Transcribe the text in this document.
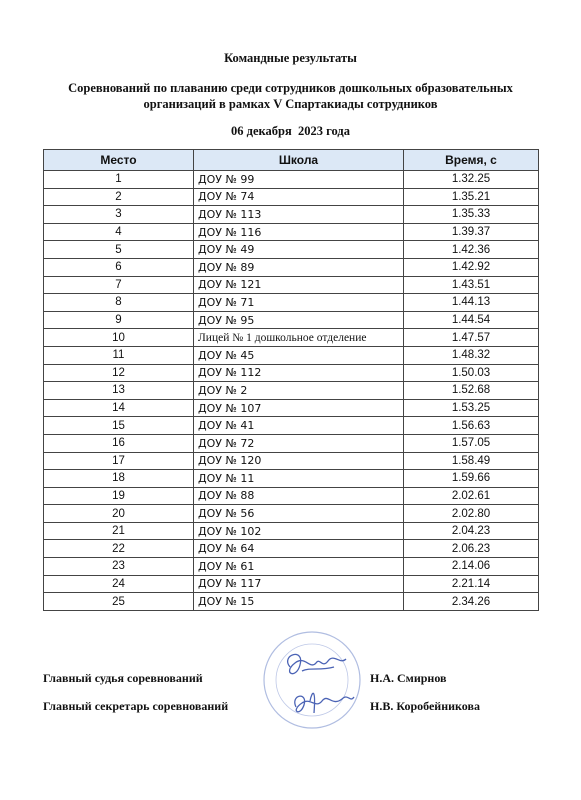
Командные результаты
Соревнований по плаванию среди сотрудников дошкольных образовательных
организаций в рамках V Спартакиады сотрудников
06 декабря  2023 года
Место	Школа	Время, с
1	ДОУ № 99	1.32.25
2	ДОУ № 74	1.35.21
3	ДОУ № 113	1.35.33
4	ДОУ № 116	1.39.37
5	ДОУ № 49	1.42.36
6	ДОУ № 89	1.42.92
7	ДОУ № 121	1.43.51
8	ДОУ № 71	1.44.13
9	ДОУ № 95	1.44.54
10	Лицей № 1 дошкольное отделение	1.47.57
11	ДОУ № 45	1.48.32
12	ДОУ № 112	1.50.03
13	ДОУ № 2	1.52.68
14	ДОУ № 107	1.53.25
15	ДОУ № 41	1.56.63
16	ДОУ № 72	1.57.05
17	ДОУ № 120	1.58.49
18	ДОУ № 11	1.59.66
19	ДОУ № 88	2.02.61
20	ДОУ № 56	2.02.80
21	ДОУ № 102	2.04.23
22	ДОУ № 64	2.06.23
23	ДОУ № 61	2.14.06
24	ДОУ № 117	2.21.14
25	ДОУ № 15	2.34.26
Главный судья соревнований	Н.А. Смирнов
Главный секретарь соревнований	Н.В. Коробейникова
